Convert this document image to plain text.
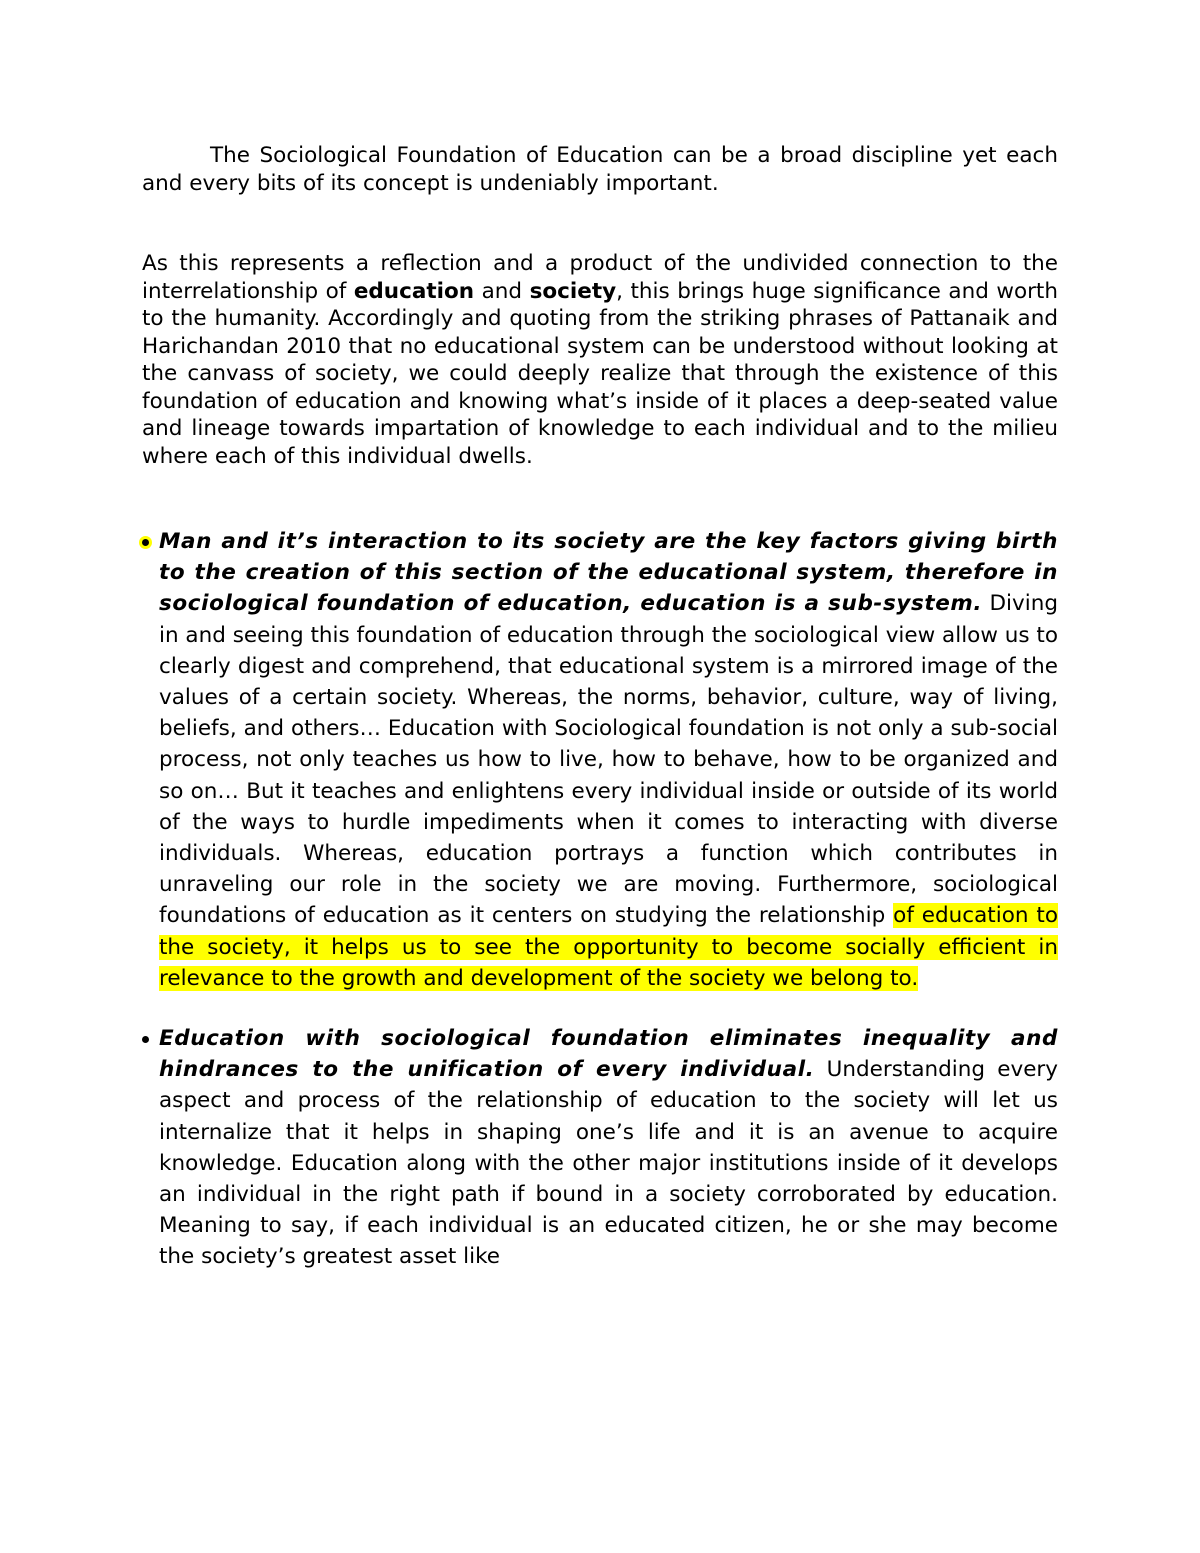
The Sociological Foundation of Education can be a broad discipline yet each and every bits of its concept is undeniably important.

As this represents a reflection and a product of the undivided connection to the interrelationship of education and society, this brings huge significance and worth to the humanity. Accordingly and quoting from the striking phrases of Pattanaik and Harichandan 2010 that no educational system can be understood without looking at the canvass of society, we could deeply realize that through the existence of this foundation of education and knowing what’s inside of it places a deep-seated value and lineage towards impartation of knowledge to each individual and to the milieu where each of this individual dwells.

Man and it’s interaction to its society are the key factors giving birth to the creation of this section of the educational system, therefore in sociological foundation of education, education is a sub-system. Diving in and seeing this foundation of education through the sociological view allow us to clearly digest and comprehend, that educational system is a mirrored image of the values of a certain society. Whereas, the norms, behavior, culture, way of living, beliefs, and others… Education with Sociological foundation is not only a sub-social process, not only teaches us how to live, how to behave, how to be organized and so on… But it teaches and enlightens every individual inside or outside of its world of the ways to hurdle impediments when it comes to interacting with diverse individuals. Whereas, education portrays a function which contributes in unraveling our role in the society we are moving. Furthermore, sociological foundations of education as it centers on studying the relationship of education to the society, it helps us to see the opportunity to become socially efficient in relevance to the growth and development of the society we belong to.
Education with sociological foundation eliminates inequality and hindrances to the unification of every individual. Understanding every aspect and process of the relationship of education to the society will let us internalize that it helps in shaping one’s life and it is an avenue to acquire knowledge. Education along with the other major institutions inside of it develops an individual in the right path if bound in a society corroborated by education. Meaning to say, if each individual is an educated citizen, he or she may become the society’s greatest asset like
